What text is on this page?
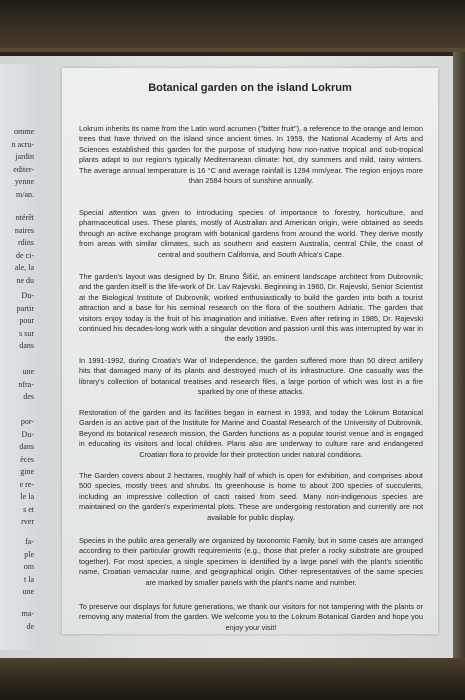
omme
n acru-
jardin
editer-
yenne
m/an.
ntérêt
naires
rdins
de ci-
ale, la
ne du
Du-
partir
pour
s sur
dans
une
nfra-
des
por-
Du-
dans
èces
gine
e re-
le la
s et
rver
fa-
ple
om
t la
une
ma-
de
Botanical garden on the island Lokrum
Lokrum inherits its name from the Latin word acrumen ("bitter fruit"), a reference to the orange and lemon trees that have thrived on the island since ancient times. In 1959, the National Academy of Arts and Sciences established this garden for the purpose of studying how non-native tropical and sub-tropical plants adapt to our region's typically Mediterranean climate: hot, dry summers and mild, rainy winters. The average annual temperature is 16 °C and average rainfall is 1294 mm/year. The region enjoys more than 2584 hours of sunshine annually.
Special attention was given to introducing species of importance to forestry, horticulture, and pharmaceutical uses. These plants, mostly of Australian and American origin, were obtained as seeds through an active exchange program with botanical gardens from around the world. They derive mostly from areas with similar climates, such as southern and eastern Australia, central Chile, the coast of central and southern California, and South Africa's Cape.
The garden's layout was designed by Dr. Bruno Šišić, an eminent landscape architect from Dubrovnik; and the garden itself is the life-work of Dr. Lav Rajevski. Beginning in 1960, Dr. Rajevski, Senior Scientist at the Biological Institute of Dubrovnik, worked enthusiastically to build the garden into both a tourist attraction and a base for his seminal research on the flora of the southern Adriatic. The garden that visitors enjoy today is the fruit of his imagination and initiative. Even after retiring in 1985, Dr. Rajevski continued his decades-long work with a singular devotion and passion until this was interrupted by war in the early 1990s.
In 1991-1992, during Croatia's War of Independence, the garden suffered more than 50 direct artillery hits that damaged many of its plants and destroyed much of its infrastructure. One casualty was the library's collection of botanical treatises and research files, a large portion of which was lost in a fire sparked by one of these attacks.
Restoration of the garden and its facilities began in earnest in 1993, and today the Lokrum Botanical Garden is an active part of the Institute for Marine and Coastal Research of the University of Dubrovnik. Beyond its botanical research mission, the Garden functions as a popular tourist venue and is engaged in educating its visitors and local children. Plans also are underway to culture rare and endangered Croatian flora to provide for their protection under natural conditions.
The Garden covers about 2 hectares, roughly half of which is open for exhibition, and comprises about 500 species, mostly trees and shrubs. Its greenhouse is home to about 200 species of succulents, including an impressive collection of cacti raised from seed. Many non-indigenous species are maintained on the garden's experimental plots. These are undergoing restoration and currently are not available for public display.
Species in the public area generally are organized by taxonomic Family, but in some cases are arranged according to their particular growth requirements (e.g., those that prefer a rocky substrate are grouped together). For most species, a single specimen is identified by a large panel with the plant's scientific name, Croatian vernacular name, and geographical origin. Other representatives of the same species are marked by smaller panels with the plant's name and number.
To preserve our displays for future generations, we thank our visitors for not tampering with the plants or removing any material from the garden. We welcome you to the Lokrum Botanical Garden and hope you enjoy your visit!
